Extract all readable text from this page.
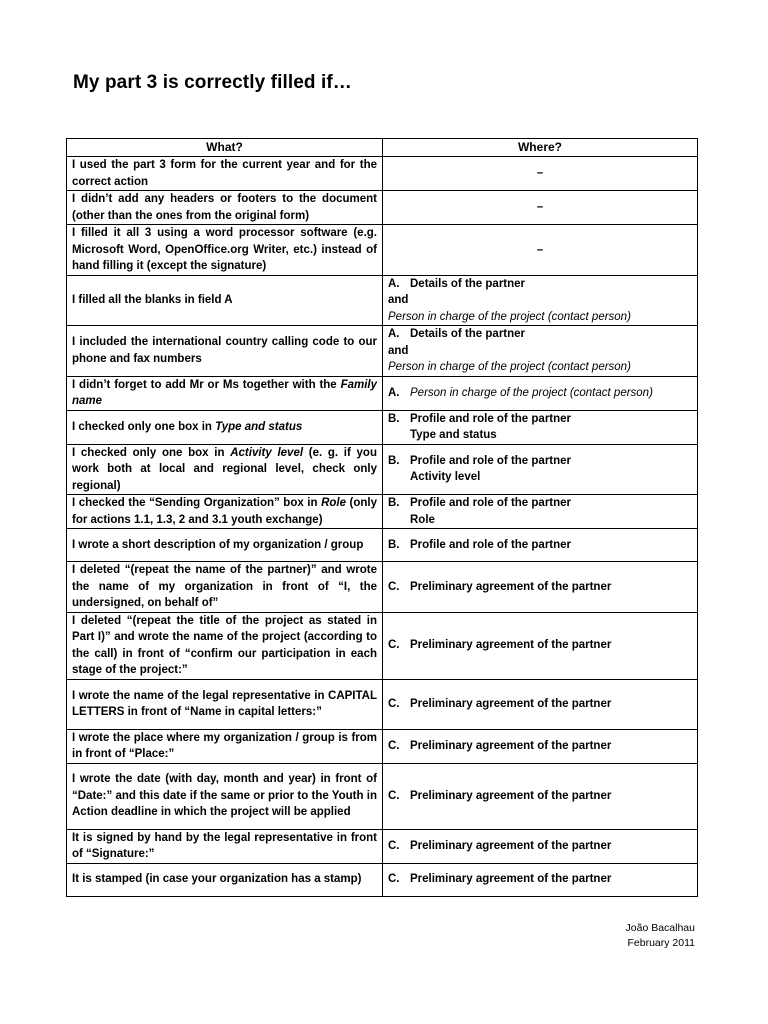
My part 3 is correctly filled if…
What?	Where?
I used the part 3 form for the current year and for the correct action	–
I didn’t add any headers or footers to the document (other than the ones from the original form)	–
I filled it all 3 using a word processor software (e.g. Microsoft Word, OpenOffice.org Writer, etc.) instead of hand filling it (except the signature)	–
I filled all the blanks in field A	A. Details of the partner
and
Person in charge of the project (contact person)

I included the international country calling code to our phone and fax numbers	A. Details of the partner
and
Person in charge of the project (contact person)

I didn’t forget to add Mr or Ms together with the Family name	A. Person in charge of the project (contact person)

I checked only one box in Type and status	B. Profile and role of the partner
Type and status

I checked only one box in Activity level (e. g. if you work both at local and regional level, check only regional)	B. Profile and role of the partner
Activity level

I checked the “Sending Organization” box in Role (only for actions 1.1, 1.3, 2 and 3.1 youth exchange)	B. Profile and role of the partner
Role

I wrote a short description of my organization / group	B. Profile and role of the partner

I deleted “(repeat the name of the partner)” and wrote the name of my organization in front of “I, the undersigned, on behalf of”	C. Preliminary agreement of the partner

I deleted “(repeat the title of the project as stated in Part I)” and wrote the name of the project (according to the call) in front of “confirm our participation in each stage of the project:”	C. Preliminary agreement of the partner

I wrote the name of the legal representative in CAPITAL LETTERS in front of “Name in capital letters:”	C. Preliminary agreement of the partner

I wrote the place where my organization / group is from in front of “Place:”	C. Preliminary agreement of the partner

I wrote the date (with day, month and year) in front of “Date:” and this date if the same or prior to the Youth in Action deadline in which the project will be applied	C. Preliminary agreement of the partner

It is signed by hand by the legal representative in front of “Signature:”	C. Preliminary agreement of the partner

It is stamped (in case your organization has a stamp)	C. Preliminary agreement of the partner
João Bacalhau
February 2011
